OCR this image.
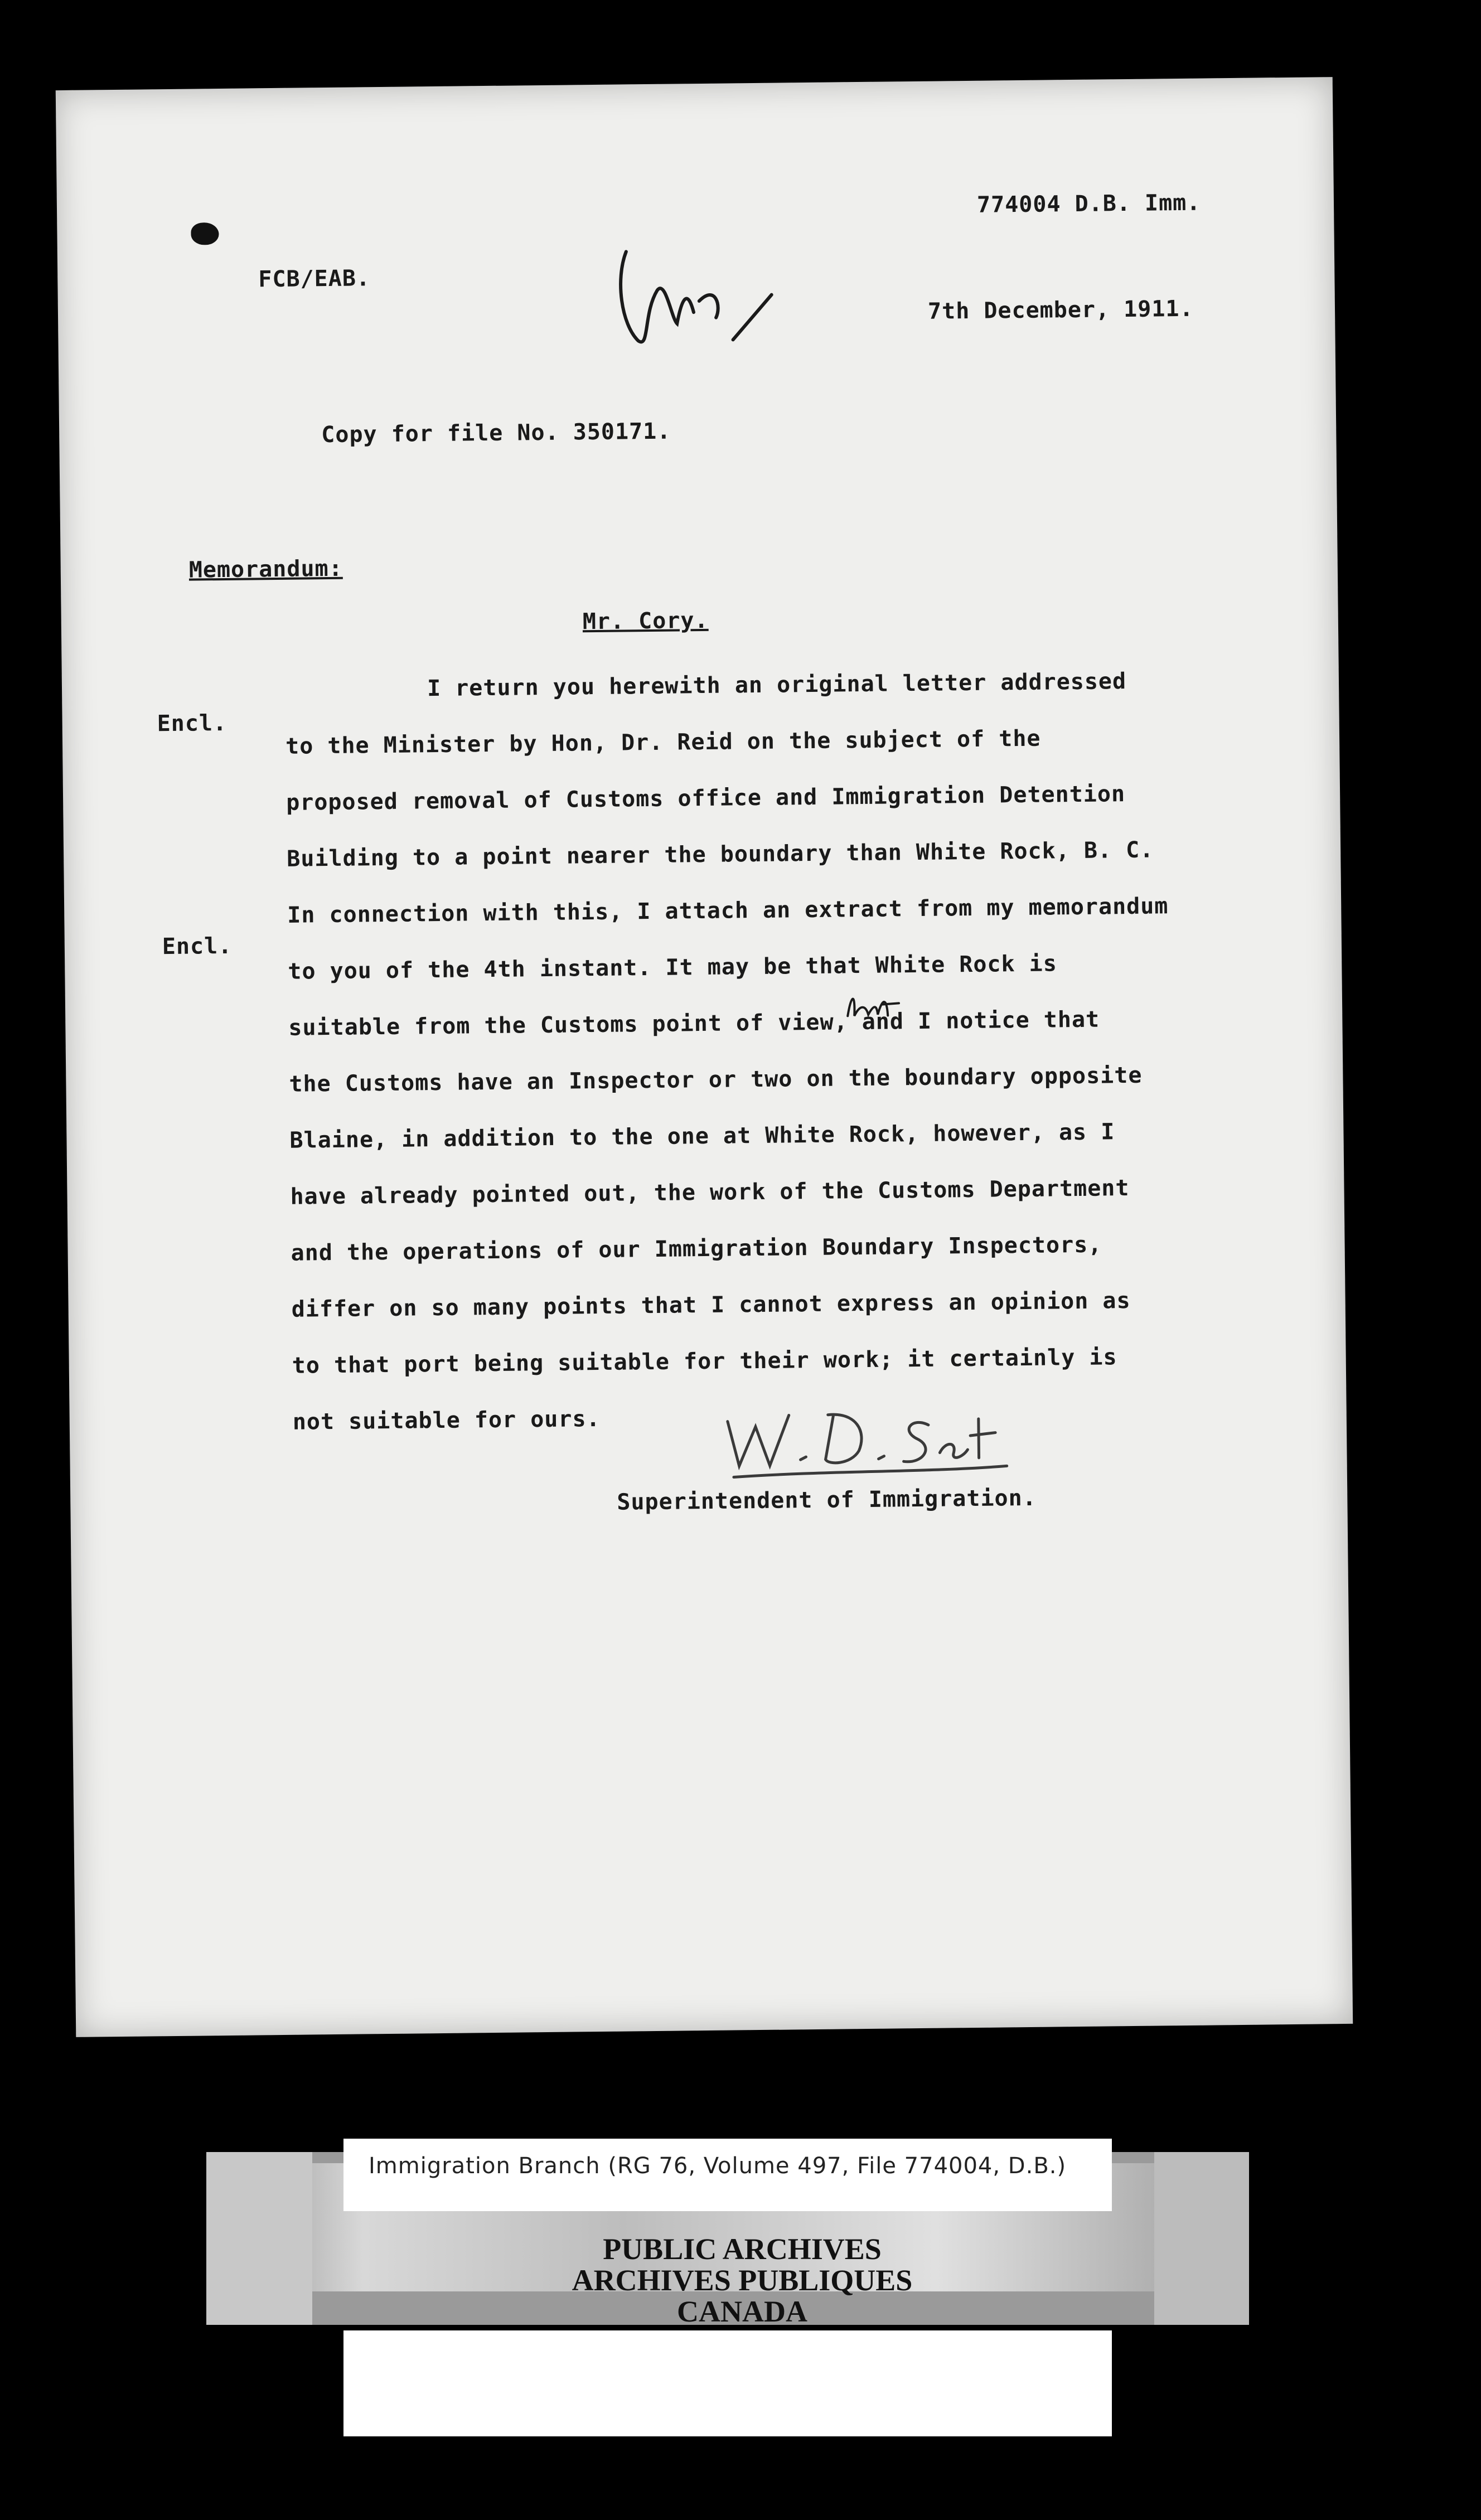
774004 D.B. Imm.
FCB/EAB.
7th December, 1911.
Copy for file No. 350171.
Memorandum:
Mr. Cory.
Encl.
Encl.

I return you herewith an original letter addressed

to the Minister by Hon, Dr. Reid on the subject of the

proposed removal of Customs office and Immigration Detention

Building to a point nearer the boundary than White Rock, B. C.

In connection with this, I attach an extract from my memorandum

to you of the 4th instant. It may be that White Rock is

suitable from the Customs point of view, and I notice that

the Customs have an Inspector or two on the boundary opposite

Blaine, in addition to the one at White Rock, however, as I

have already pointed out, the work of the Customs Department

and the operations of our Immigration Boundary Inspectors,

differ on so many points that I cannot express an opinion as

to that port being suitable for their work; it certainly is

not suitable for ours.

Superintendent of Immigration.
Immigration Branch (RG 76, Volume 497, File 774004, D.B.)
PUBLIC ARCHIVES
ARCHIVES PUBLIQUES
CANADA
